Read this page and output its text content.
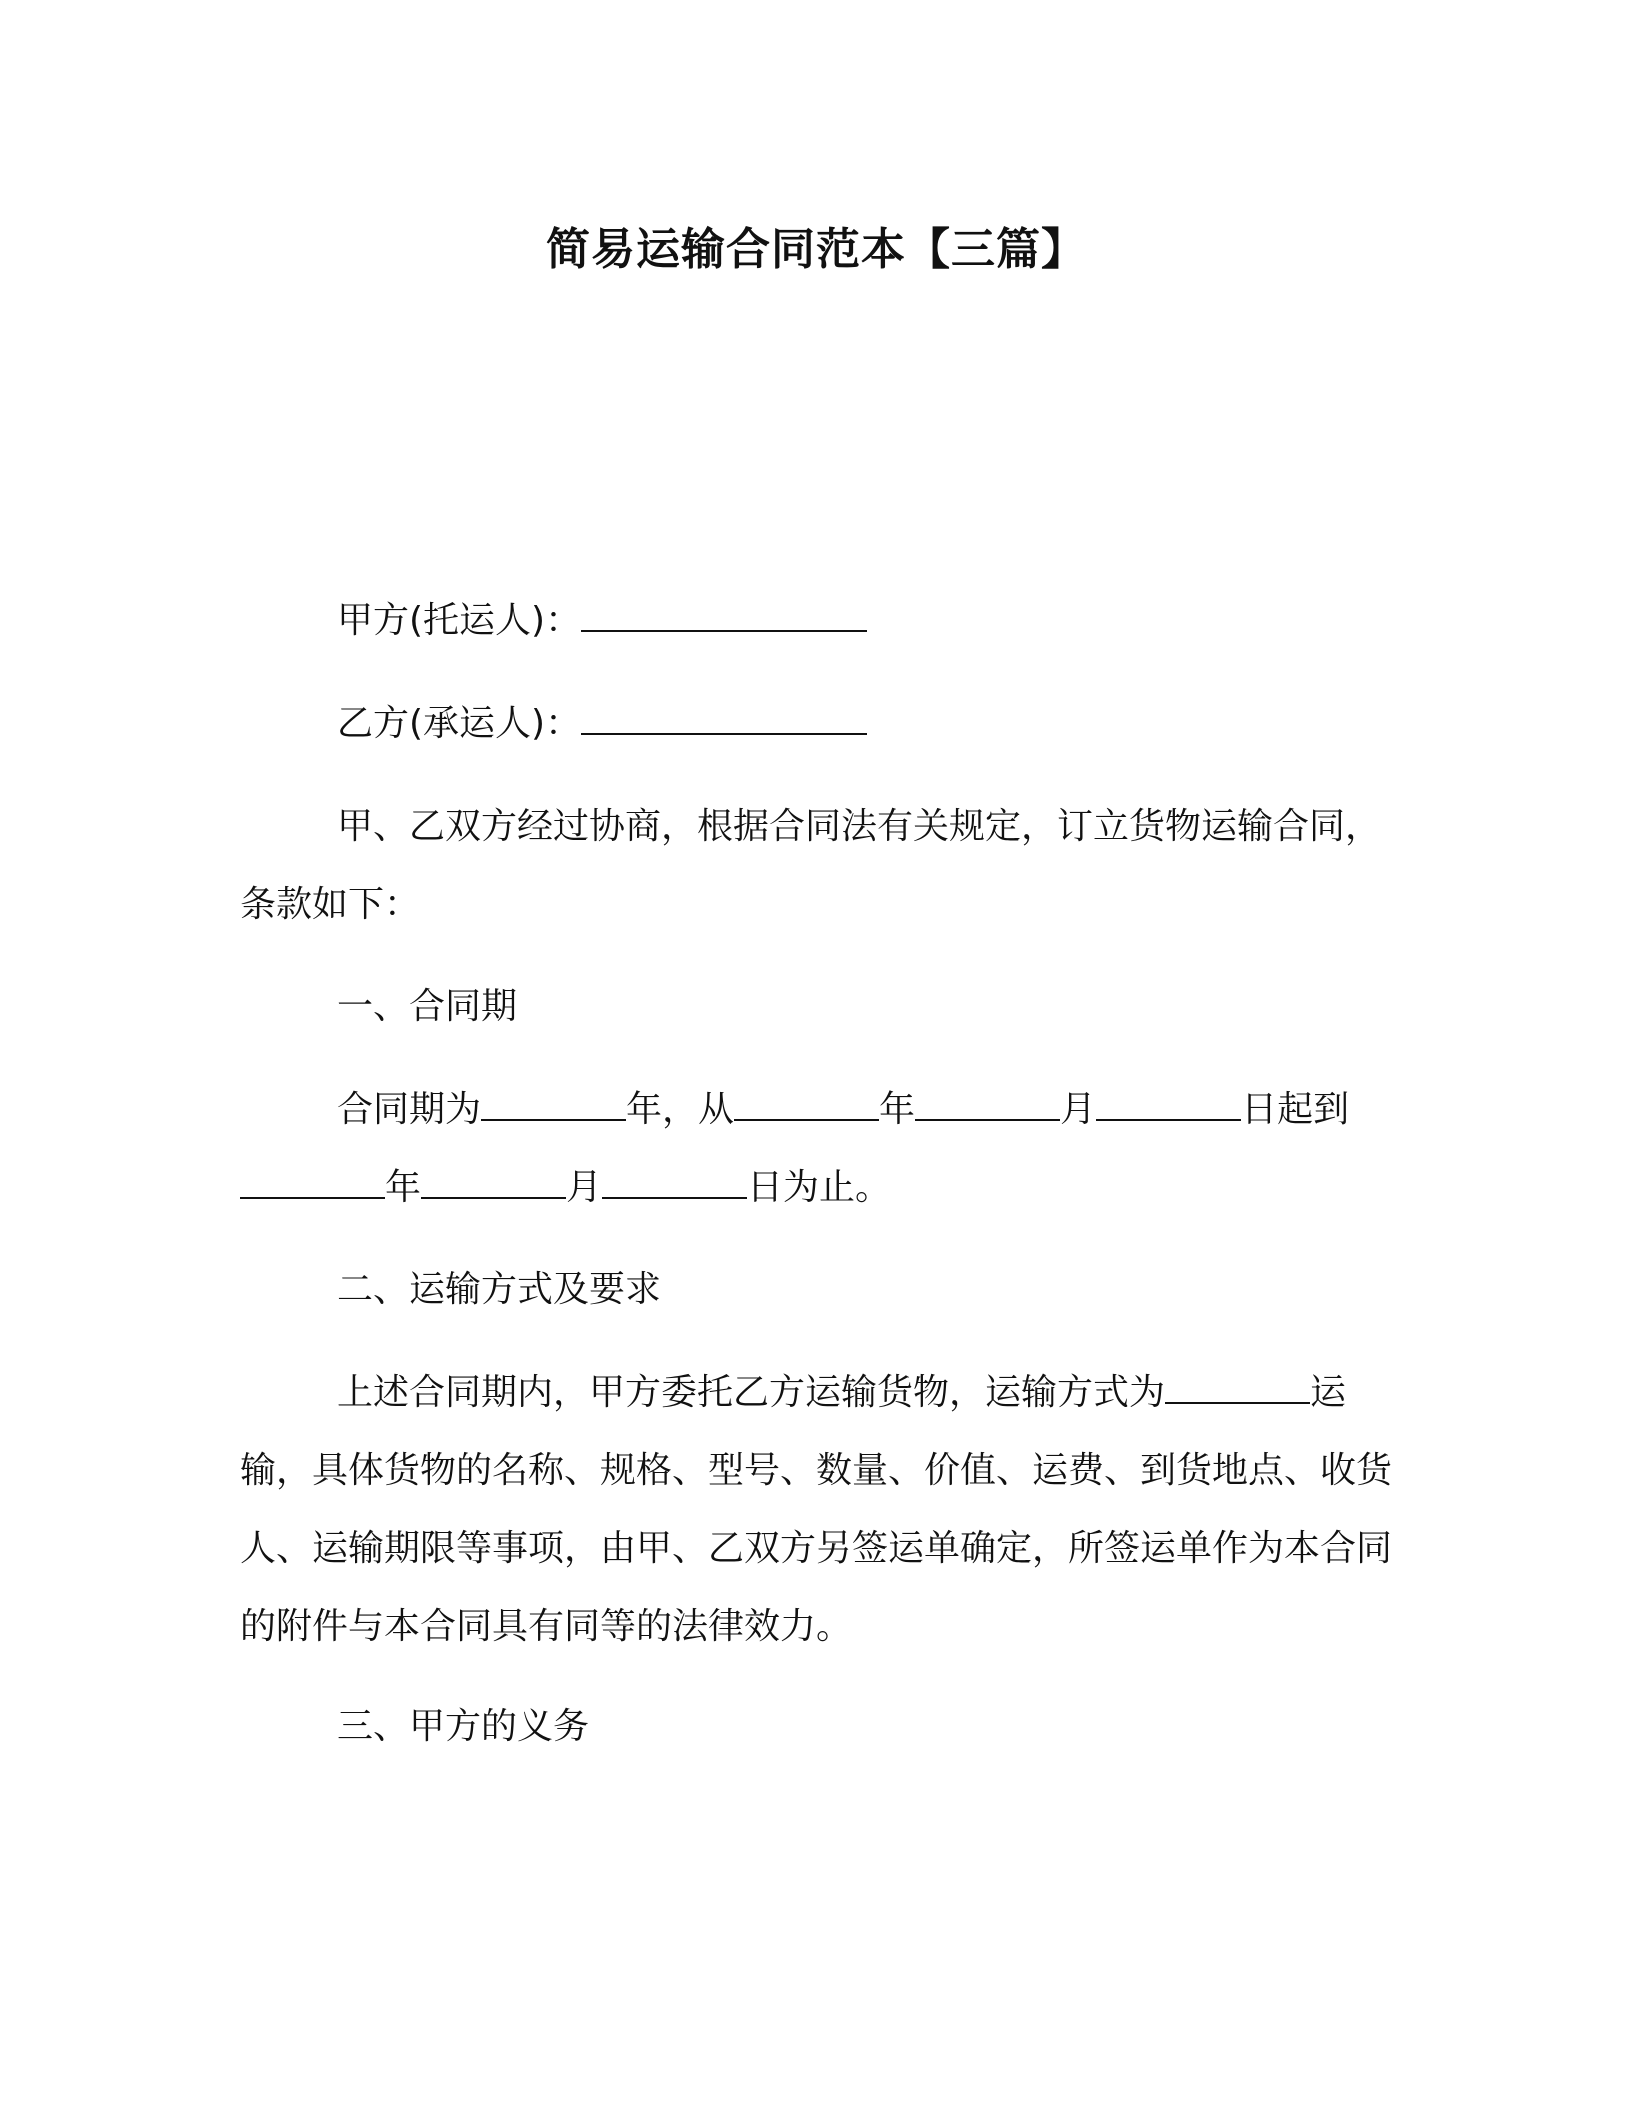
简易运输合同范本【三篇】

甲方(托运人)：

乙方(承运人)：

甲、乙双方经过协商，根据合同法有关规定，订立货物运输合同，条款如下：

一、合同期

合同期为	年，从	年	月	日起到年	月	日为止。

二、运输方式及要求

上述合同期内，甲方委托乙方运输货物，运输方式为	运输，具体货物的名称、规格、型号、数量、价值、运费、到货地点、收货人、运输期限等事项，由甲、乙双方另签运单确定，所签运单作为本合同的附件与本合同具有同等的法律效力。

三、甲方的义务
